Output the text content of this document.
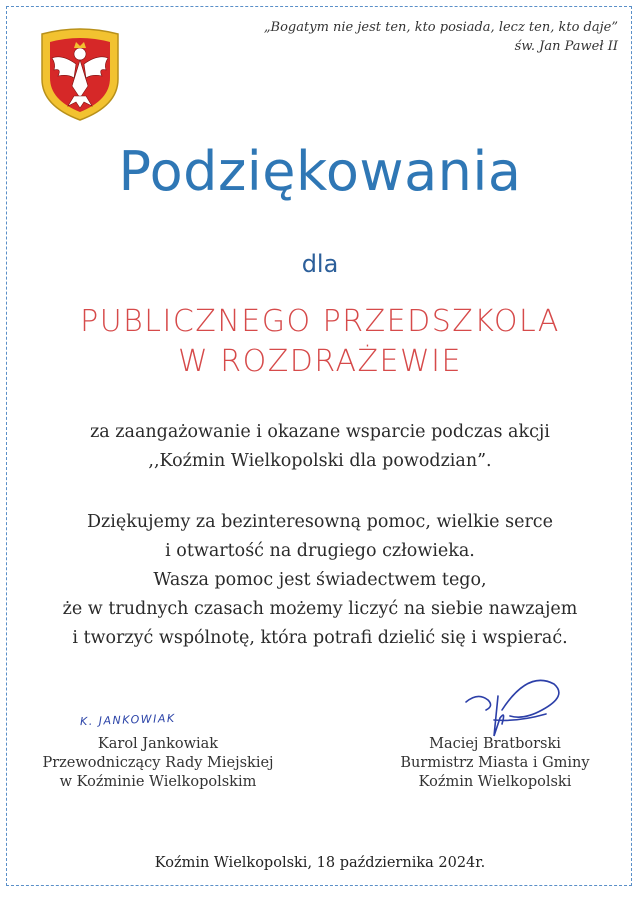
„Bogatym nie jest ten, kto posiada, lecz ten, kto daje”
św. Jan Paweł II
Podziękowania
dla
PUBLICZNEGO PRZEDSZKOLA
W ROZDRAŻEWIE
za zaangażowanie i okazane wsparcie podczas akcji
,,Koźmin Wielkopolski dla powodzian”.
Dziękujemy za bezinteresowną pomoc, wielkie serce
i otwartość na drugiego człowieka.
Wasza pomoc jest świadectwem tego,
że w trudnych czasach możemy liczyć na siebie nawzajem
i tworzyć wspólnotę, która potrafi dzielić się i wspierać.
K. JANKOWIAK
Karol Jankowiak
Przewodniczący Rady Miejskiej
w Koźminie Wielkopolskim
Maciej Bratborski
Burmistrz Miasta i Gminy
Koźmin Wielkopolski
Koźmin Wielkopolski, 18 października 2024r.
